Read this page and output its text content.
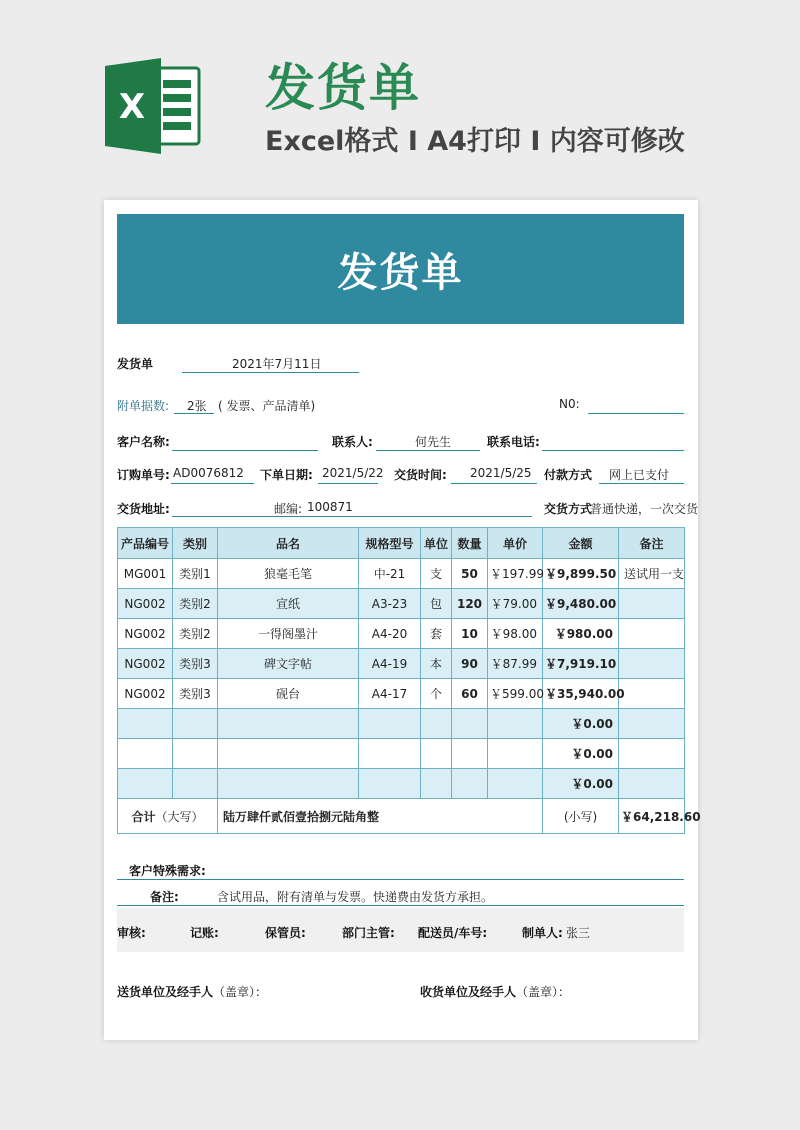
X 发货单
Excel格式 I A4打印 I 内容可修改
发货单
发货单	2021年7月11日
附单据数: 2张 ( 发票、产品清单)	N0:
客户名称:	联系人:	何先生	联系电话:
订购单号: AD0076812 下单日期: 2021/5/22 交货时间: 2021/5/25 付款方式 网上已支付
交货地址:	邮编: 100871	交货方式
普通快递，一次交货
产品编号	类别	品名	规格型号	单位	数量	单价	金额	备注
MG001	类别1	狼毫毛笔	中-21	支	50	￥197.99	￥9,899.50	送试用一支
NG002	类别2	宣纸	A3-23	包	120	￥79.00	￥9,480.00	
NG002	类别2	一得阁墨汁	A4-20	套	10	￥98.00	￥980.00	
NG002	类别3	碑文字帖	A4-19	本	90	￥87.99	￥7,919.10	
NG002	类别3	砚台	A4-17	个	60	￥599.00	￥35,940.00	
							￥0.00	
							￥0.00	
							￥0.00	
合计（大写）		陆万肆仟贰佰壹拾捌元陆角整					(小写)	￥64,218.60
客户特殊需求:
备注:	含试用品，附有清单与发票。快递费由发货方承担。
审核:	记账:	保管员:	部门主管: 配送员/车号:	制单人: 张三
送货单位及经手人（盖章）：	收货单位及经手人（盖章）：
